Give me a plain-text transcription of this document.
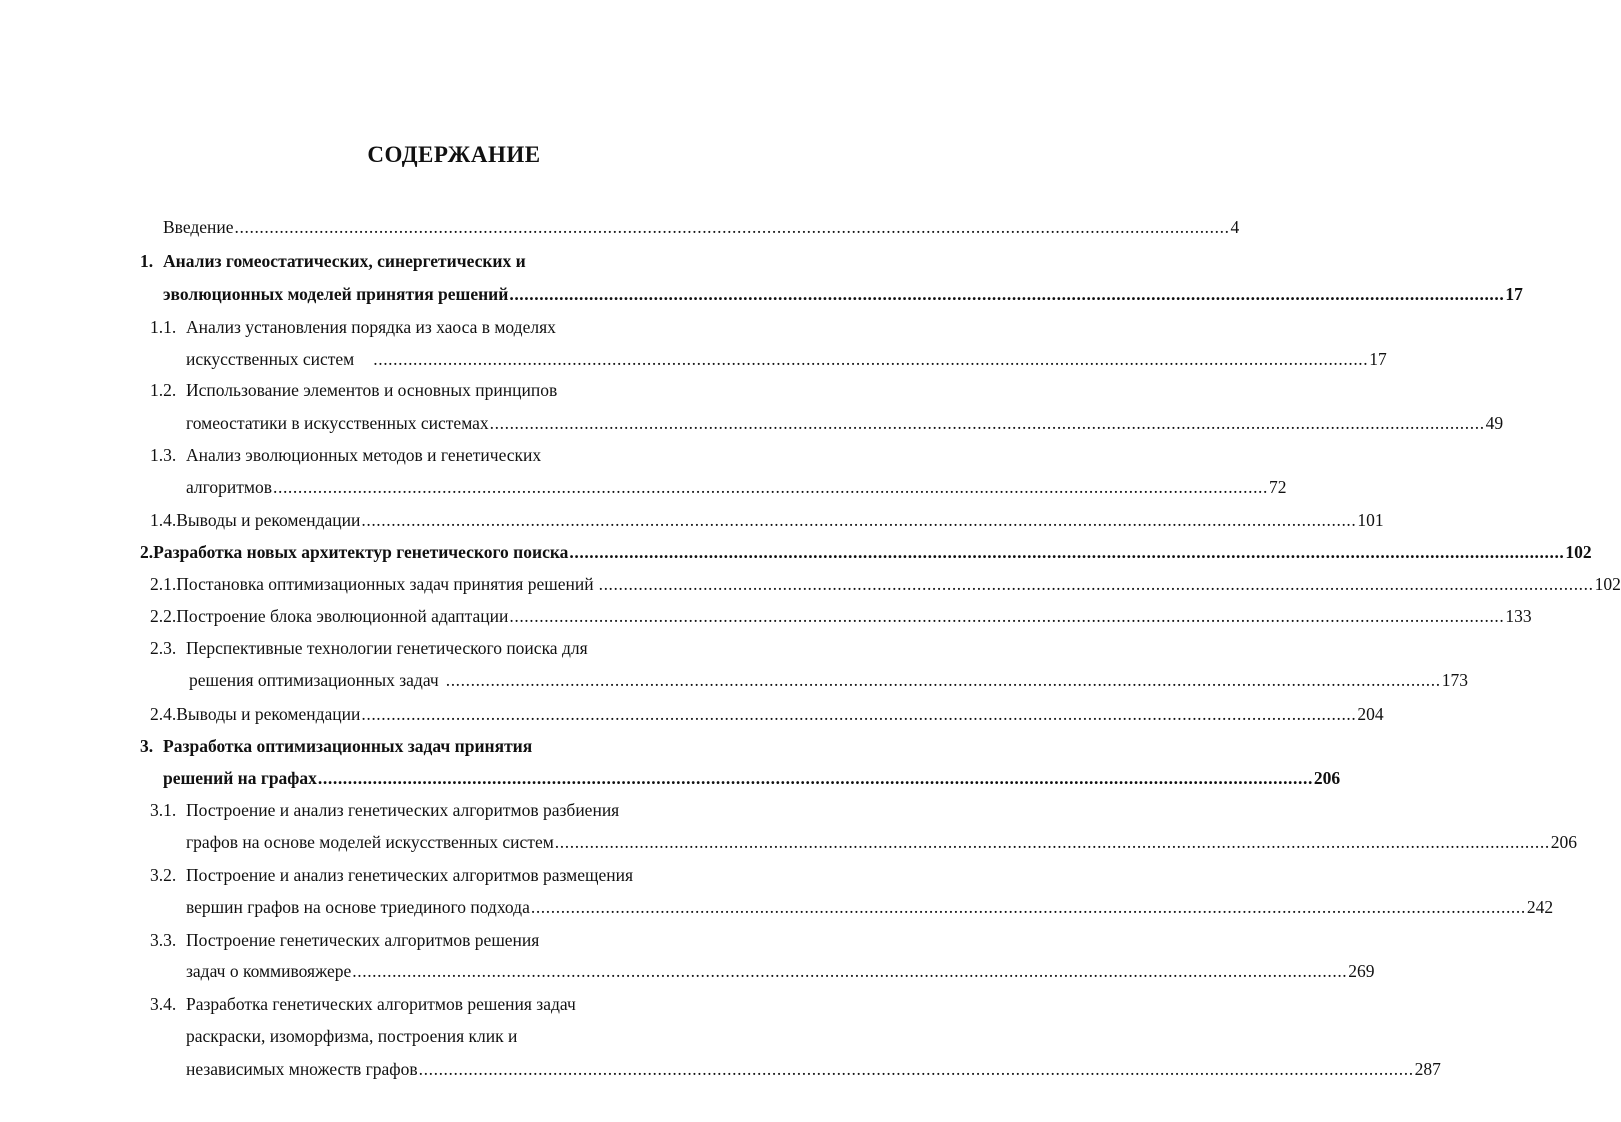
СОДЕРЖАНИЕ
Введение ........................................................................................................................................................................................................ 4
1. Анализ гомеостатических, синергетических и
эволюционных моделей принятия решений ........................................................................................................................................................................................................ 17
1.1. Анализ установления порядка из хаоса в моделях
искусственных систем ........................................................................................................................................................................................................ 17
1.2. Использование элементов и основных принципов
гомеостатики в искусственных системах ........................................................................................................................................................................................................ 49
1.3. Анализ эволюционных методов и генетических
алгоритмов ........................................................................................................................................................................................................ 72
1.4. Выводы и рекомендации ........................................................................................................................................................................................................ 101
2. Разработка новых архитектур генетического поиска ........................................................................................................................................................................................................ 102
2.1. Постановка оптимизационных задач принятия решений ........................................................................................................................................................................................................ 102
2.2. Построение блока эволюционной адаптации ........................................................................................................................................................................................................ 133
2.3. Перспективные технологии генетического поиска для
решения оптимизационных задач ........................................................................................................................................................................................................ 173
2.4. Выводы и рекомендации ........................................................................................................................................................................................................ 204
3. Разработка оптимизационных задач принятия
решений на графах ........................................................................................................................................................................................................ 206
3.1. Построение и анализ генетических алгоритмов разбиения
графов на основе моделей искусственных систем ........................................................................................................................................................................................................ 206
3.2. Построение и анализ генетических алгоритмов размещения
вершин графов на основе триединого подхода ........................................................................................................................................................................................................ 242
3.3. Построение генетических алгоритмов решения
задач о коммивояжере ........................................................................................................................................................................................................ 269
3.4. Разработка генетических алгоритмов решения задач
раскраски, изоморфизма, построения клик и
независимых множеств графов ........................................................................................................................................................................................................ 287
